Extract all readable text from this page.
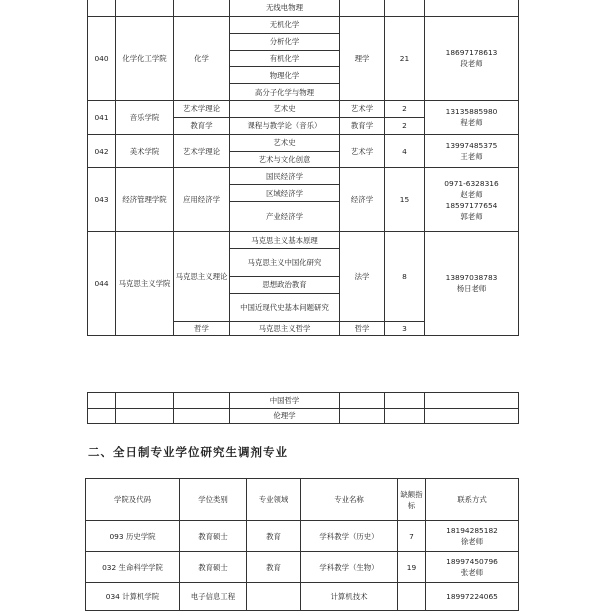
			无线电物理			
040	化学化工学院	化学	无机化学	理学	21	18697178613
段老师

			分析化学			
			有机化学			
			物理化学			
			高分子化学与物理			
041	音乐学院	艺术学理论	艺术史	艺术学	2	13135885980
程老师

		教育学	课程与教学论（音乐）	教育学	2	
042	美术学院	艺术学理论	艺术史	艺术学	4	13997485375
王老师

			艺术与文化创意			
043	经济管理学院	应用经济学	国民经济学	经济学	15	0971-6328316
赵老师
18597177654
郭老师

			区域经济学			
			产业经济学			
044	马克思主义学院	马克思主义理论	马克思主义基本原理	法学	8	13897038783
杨日老师

			马克思主义中国化研究			
			思想政治教育			
			中国近现代史基本问题研究			
		哲学	马克思主义哲学	哲学	3	
			中国哲学			
			伦理学			
二、全日制专业学位研究生调剂专业
学院及代码	学位类别	专业领域	专业名称	缺额指标	联系方式
093 历史学院	教育硕士	教育	学科教学（历史）	7	18194285182
徐老师

032 生命科学学院	教育硕士	教育	学科教学（生物）	19	18997450796
张老师

034 计算机学院	电子信息工程		计算机技术		18997224065
